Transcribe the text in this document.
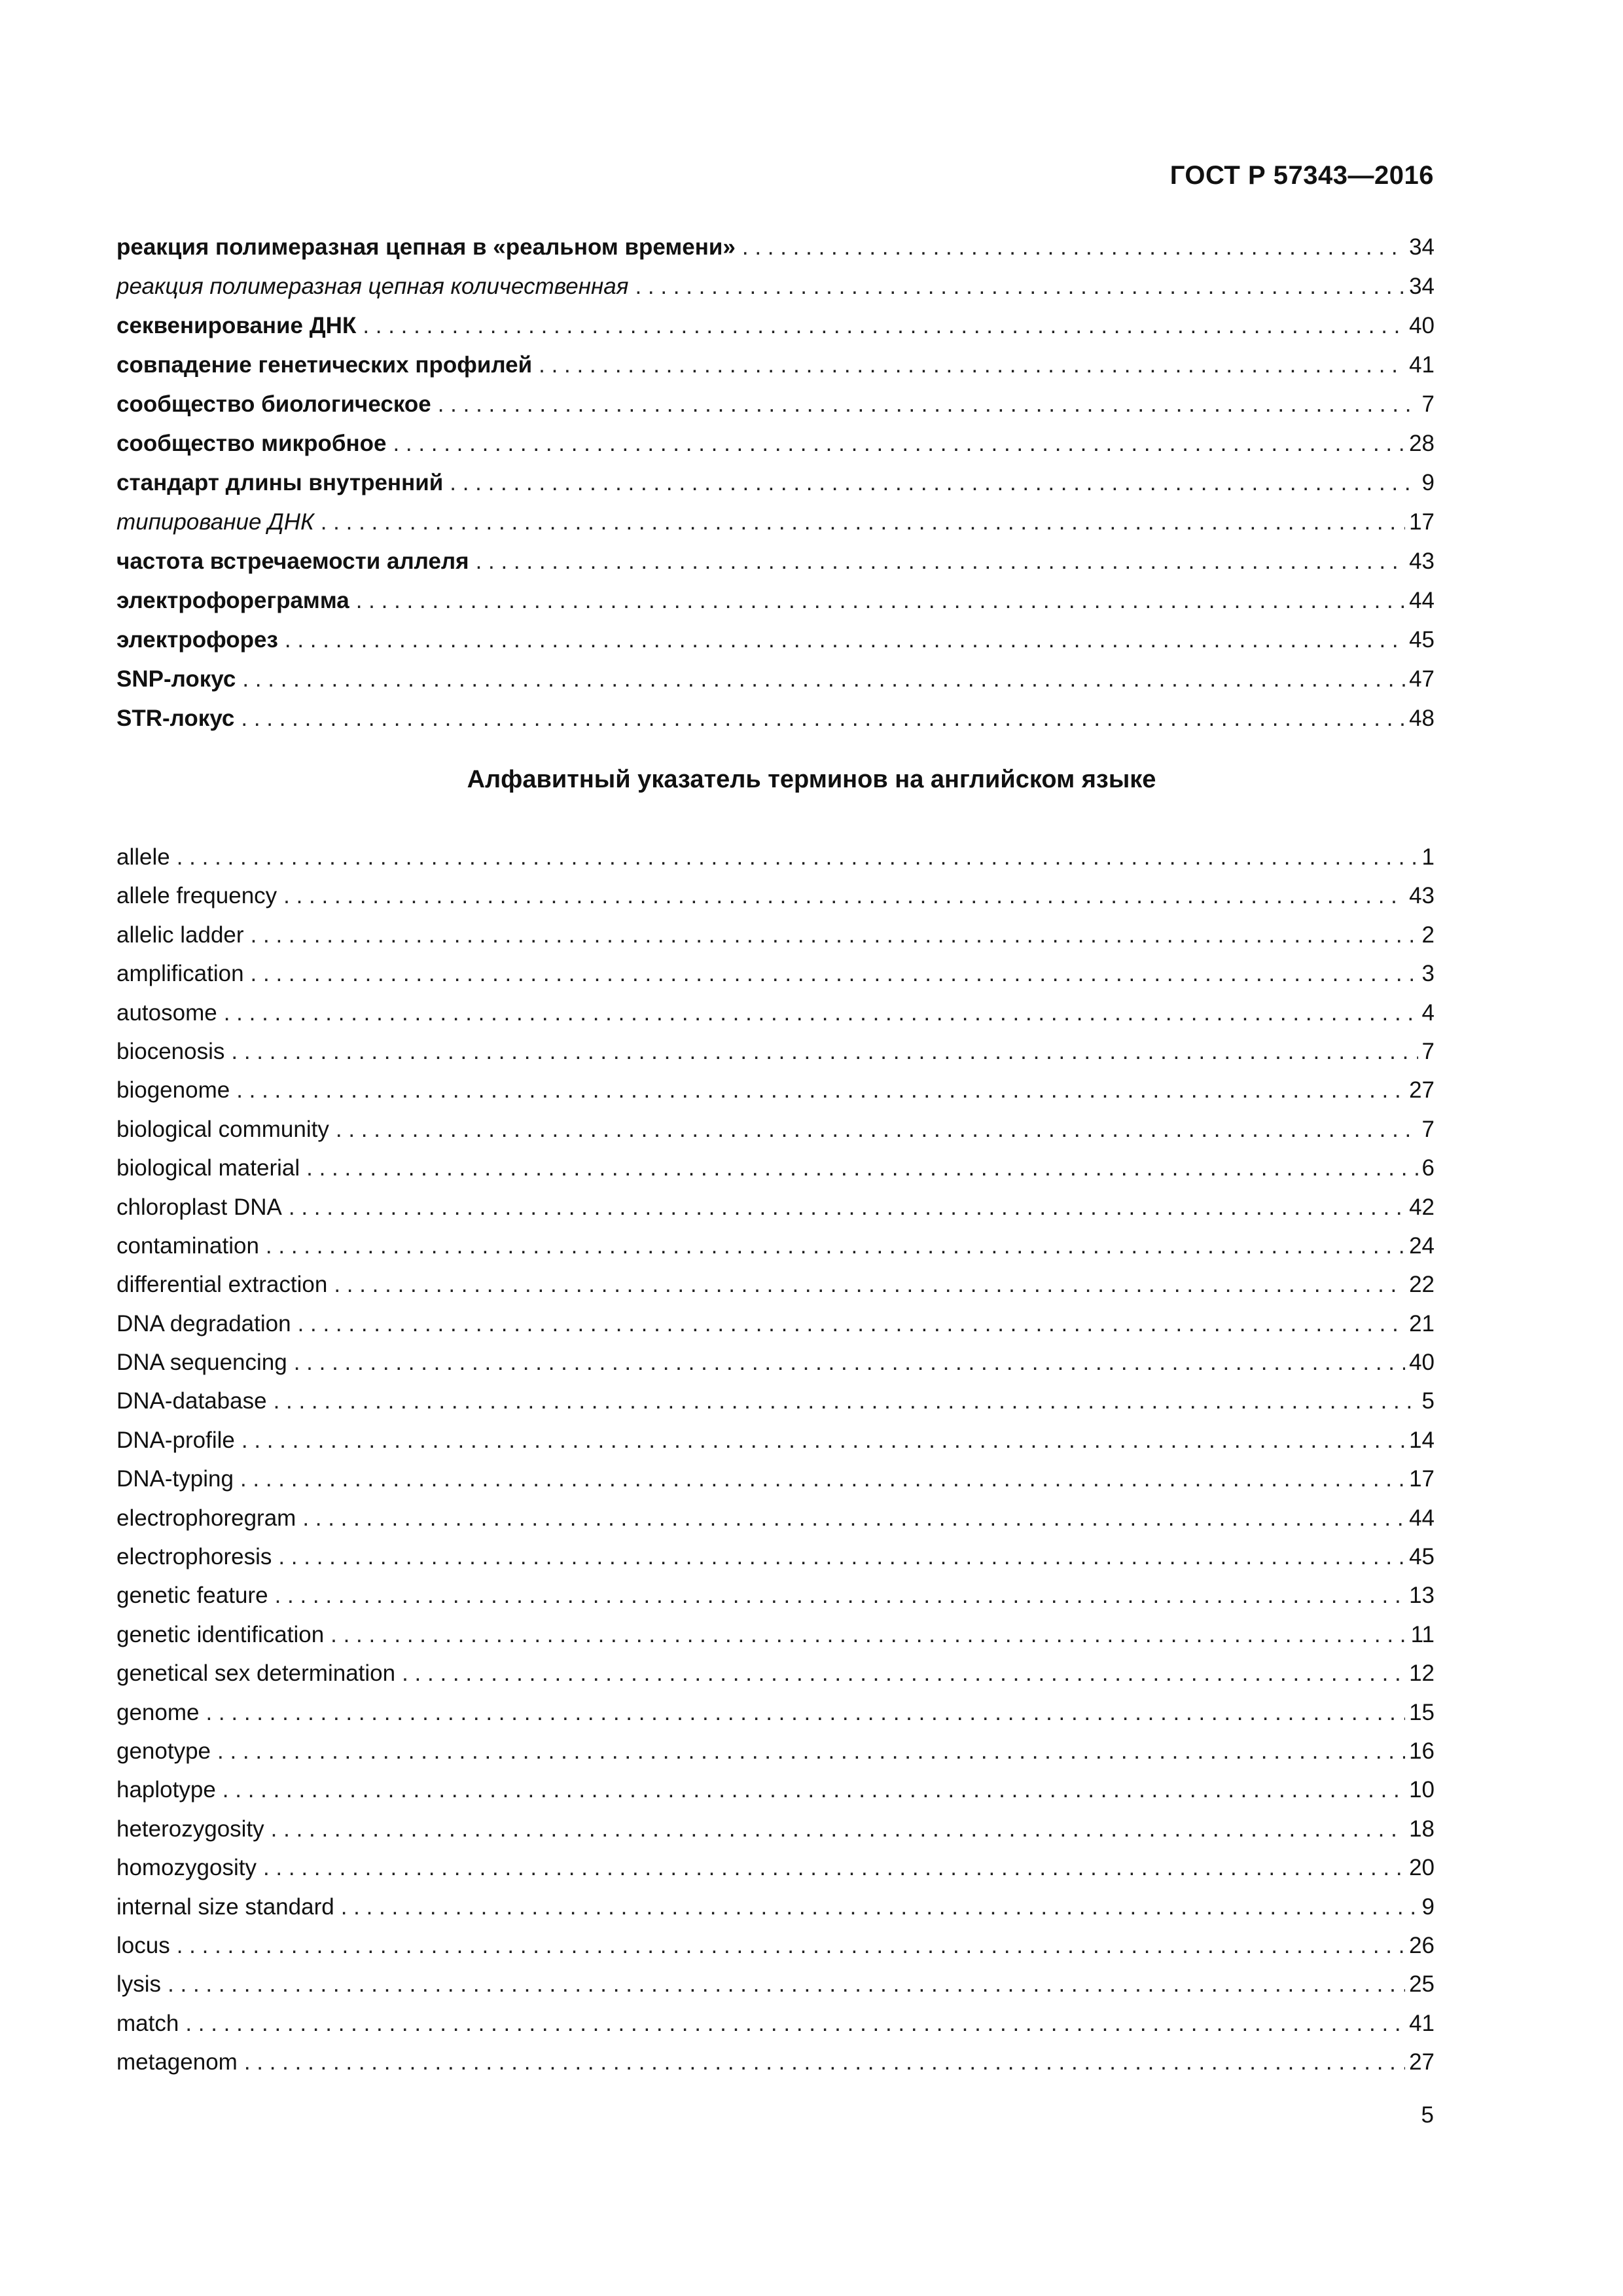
ГОСТ Р 57343—2016
реакция полимеразная цепная в «реальном времени» . . .	34
реакция полимеразная цепная количественная . . .	34
секвенирование ДНК . . .	40
совпадение генетических профилей . . .	41
сообщество биологическое . . .	7
сообщество микробное . . .	28
стандарт длины внутренний . . .	9
типирование ДНК . . .	17
частота встречаемости аллеля . . .	43
электрофореграмма . . .	44
электрофорез . . .	45
SNP-локус . . .	47
STR-локус . . .	48
Алфавитный указатель терминов на английском языке
allele . . .	1
allele frequency . . .	43
allelic ladder . . .	2
amplification . . .	3
autosome . . .	4
biocenosis . . .	7
biogenome . . .	27
biological community . . .	7
biological material . . .	6
chloroplast DNA . . .	42
contamination . . .	24
differential extraction . . .	22
DNA degradation . . .	21
DNA sequencing . . .	40
DNA-database . . .	5
DNA-profile . . .	14
DNA-typing . . .	17
electrophoregram . . .	44
electrophoresis . . .	45
genetic feature . . .	13
genetic identification . . .	11
genetical sex determination . . .	12
genome . . .	15
genotype . . .	16
haplotype . . .	10
heterozygosity . . .	18
homozygosity . . .	20
internal size standard . . .	9
locus . . .	26
lysis . . .	25
match . . .	41
metagenom . . .	27
5
